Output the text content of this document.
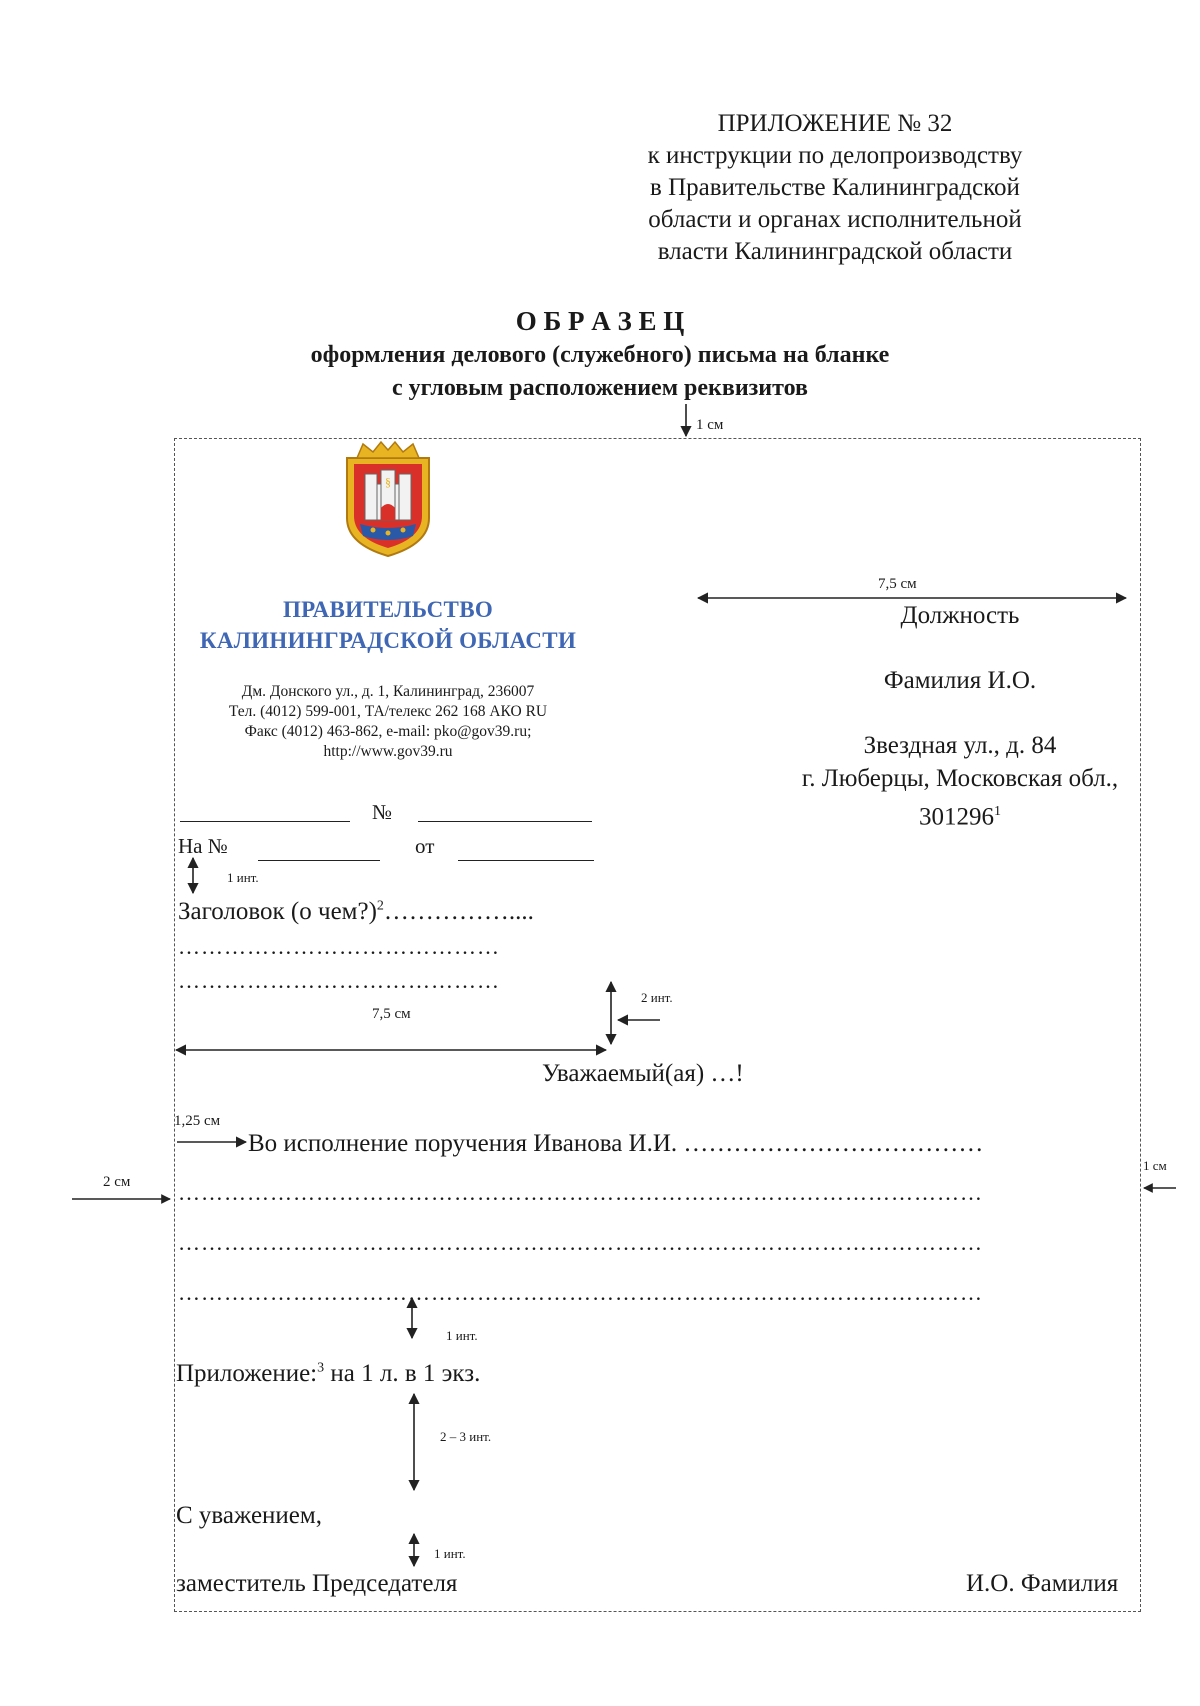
ПРИЛОЖЕНИЕ № 32
к инструкции по делопроизводству
в Правительстве Калининградской
области и органах исполнительной
власти Калининградской области
О Б Р А З Е Ц
оформления делового (служебного) письма на бланке
с угловым расположением реквизитов
§
ПРАВИТЕЛЬСТВО
КАЛИНИНГРАДСКОЙ ОБЛАСТИ
Дм. Донского ул., д. 1, Калининград, 236007
Тел. (4012) 599-001, ТА/телекс 262 168 АКО RU
Факс (4012) 463-862, e-mail: pko@gov39.ru;
http://www.gov39.ru
№
На №	от
Должность
Фамилия И.О.
Звездная ул., д. 84
г. Люберцы, Московская обл.,
301296$^1$
Заголовок (о чем?)$^2$……………....
……………………………………
……………………………………
Уважаемый(ая) …!
Во исполнение поручения Иванова И.И. ………………………………
……………………………………………………………………………………………
……………………………………………………………………………………………
……………………………………………………………………………………………
Приложение:$^3$ на 1 л. в 1 экз.
С уважением,
заместитель Председателя	И.О. Фамилия
1 см
7,5 см
1 инт.
2 инт.
7,5 см
1,25 см
2 см
1 см
1 инт.
2 – 3 инт.
1 инт.
